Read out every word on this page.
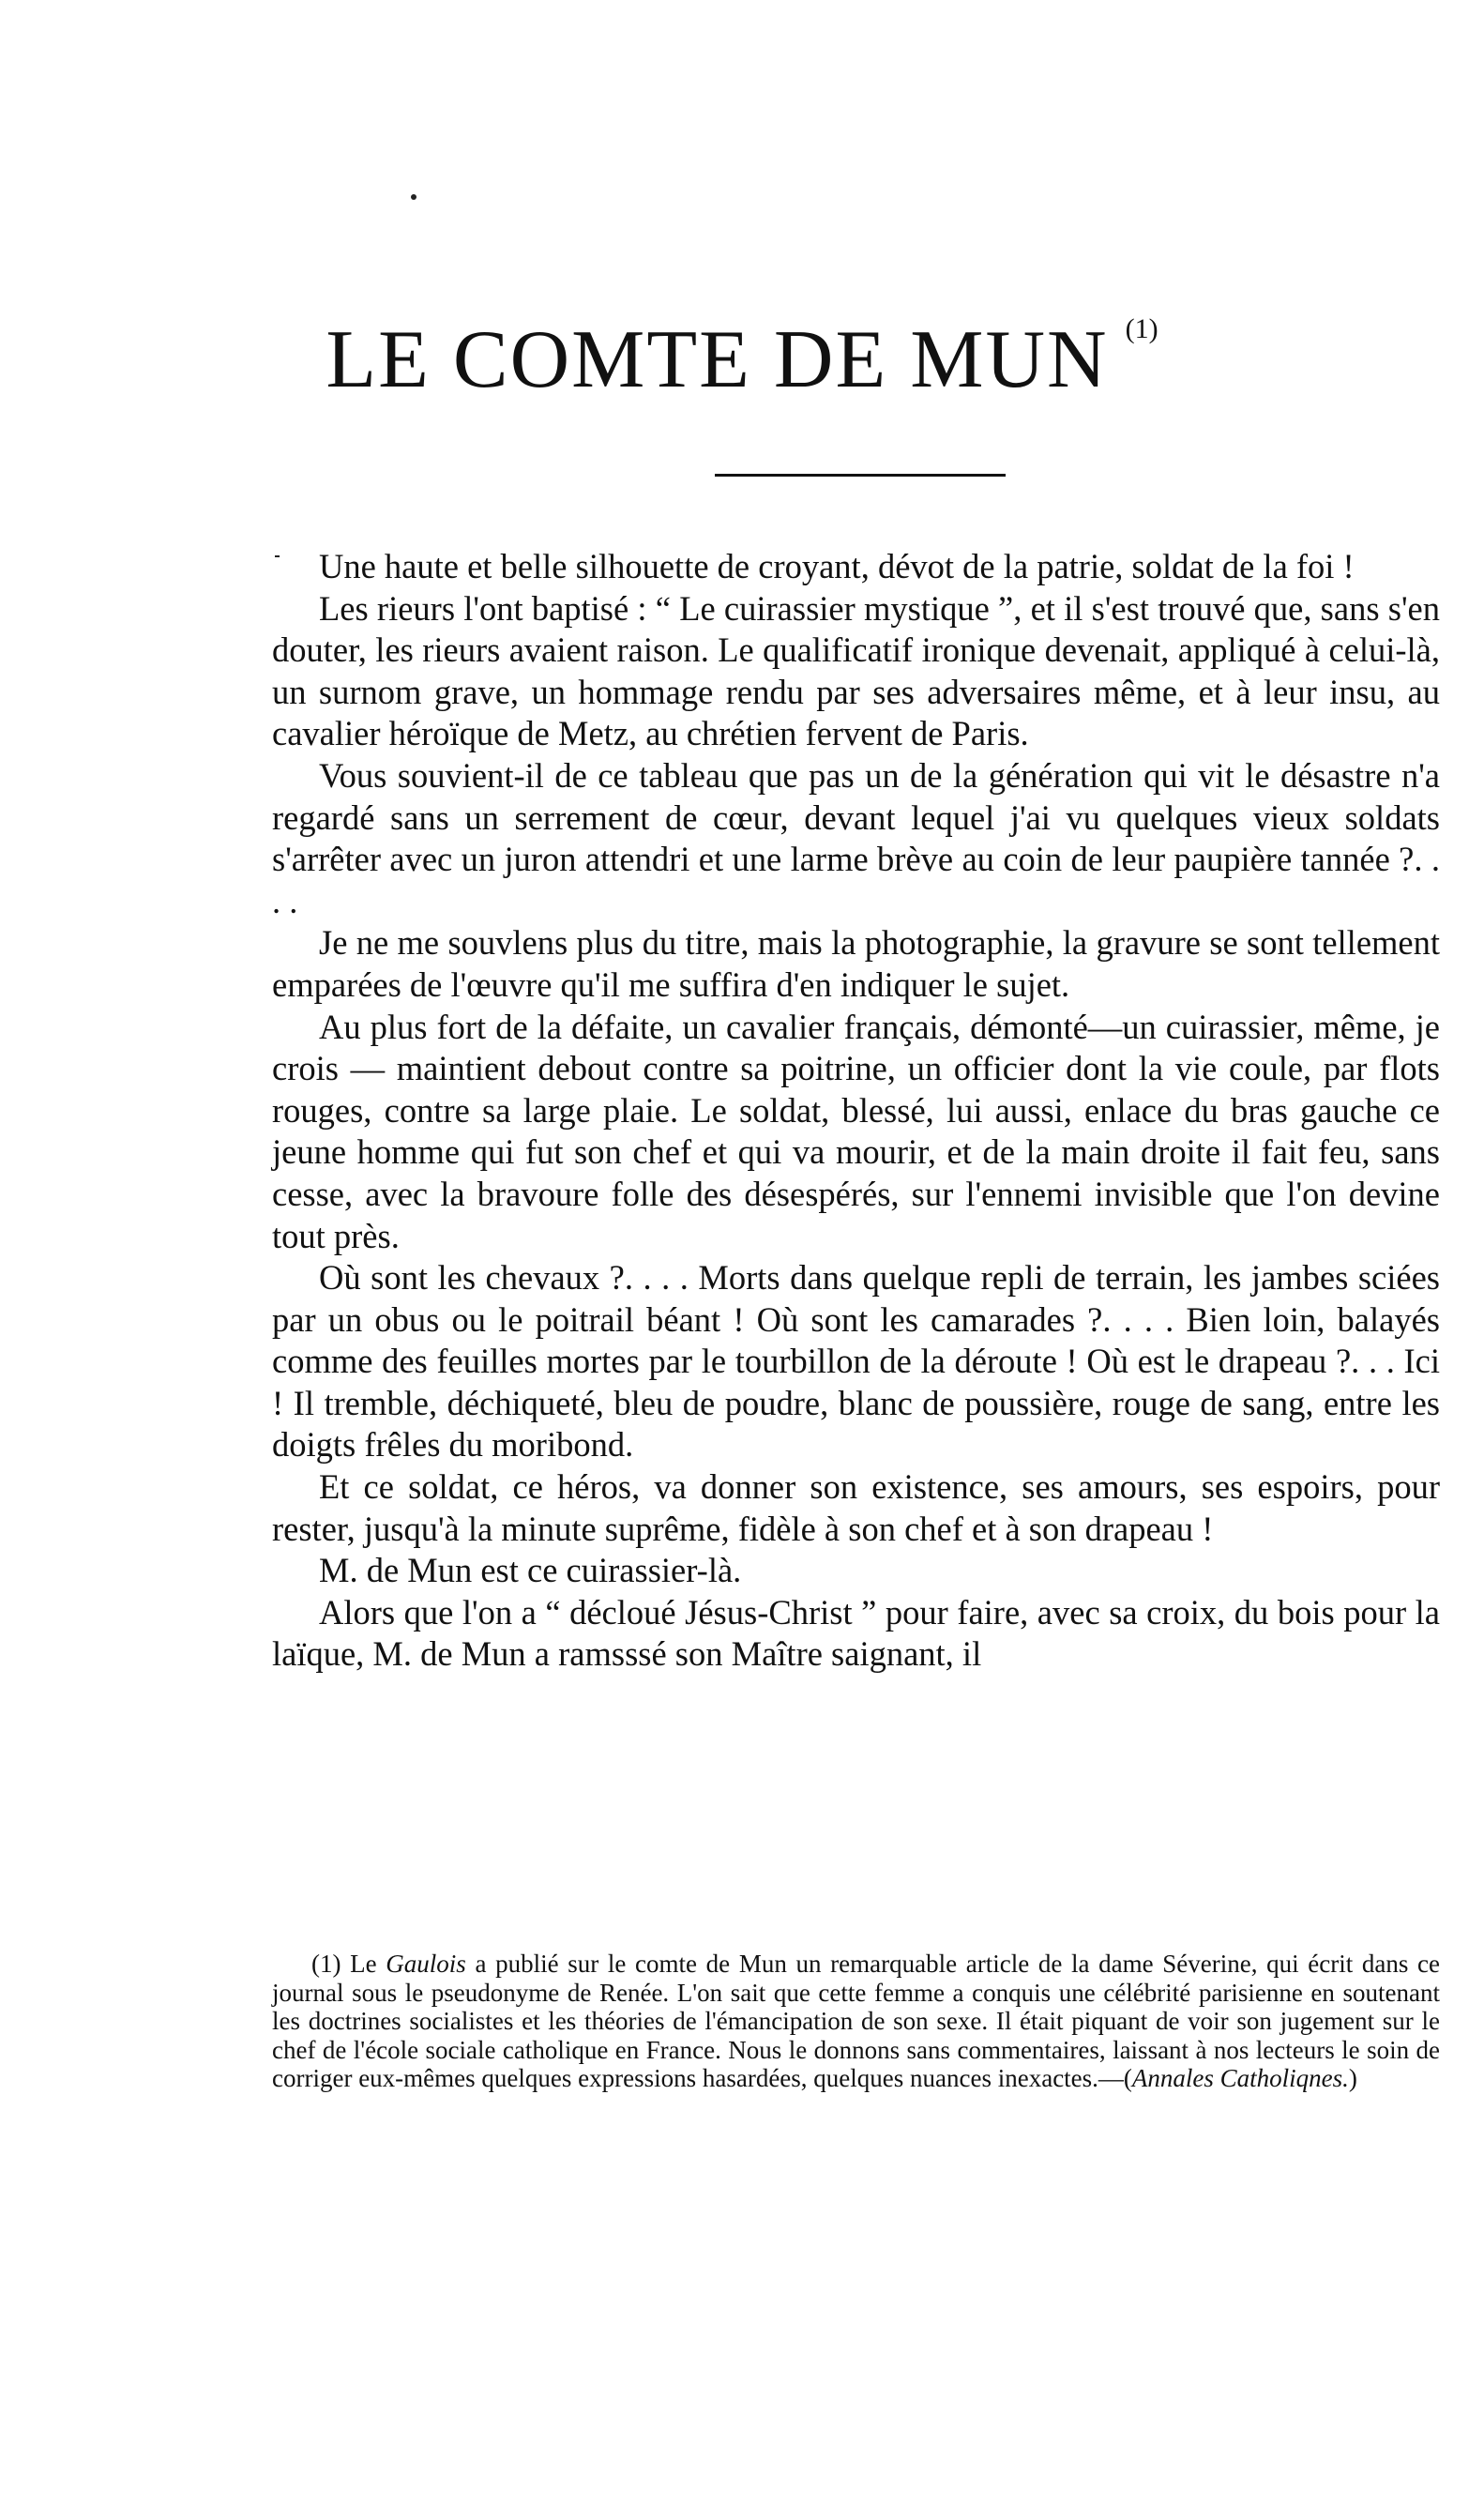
LE COMTE DE MUN $^{(1)}$

Une haute et belle silhouette de croyant, dévot de la patrie, soldat de la foi !

Les rieurs l'ont baptisé : “ Le cuirassier mystique ”, et il s'est trouvé que, sans s'en douter, les rieurs avaient raison. Le qualificatif ironique devenait, appliqué à celui-là, un surnom grave, un hommage rendu par ses adversaires même, et à leur insu, au cavalier héroïque de Metz, au chrétien fervent de Paris.

Vous souvient-il de ce tableau que pas un de la génération qui vit le désastre n'a regardé sans un serrement de cœur, devant lequel j'ai vu quelques vieux soldats s'arrêter avec un juron attendri et une larme brève au coin de leur paupière tannée ?. . . .

Je ne me souvlens plus du titre, mais la photographie, la gravure se sont tellement emparées de l'œuvre qu'il me suffira d'en indiquer le sujet.

Au plus fort de la défaite, un cavalier français, démonté—un cuirassier, même, je crois — maintient debout contre sa poitrine, un officier dont la vie coule, par flots rouges, contre sa large plaie. Le soldat, blessé, lui aussi, enlace du bras gauche ce jeune homme qui fut son chef et qui va mourir, et de la main droite il fait feu, sans cesse, avec la bravoure folle des désespérés, sur l'ennemi invisible que l'on devine tout près.

Où sont les chevaux ?. . . . Morts dans quelque repli de terrain, les jambes sciées par un obus ou le poitrail béant ! Où sont les camarades ?. . . . Bien loin, balayés comme des feuilles mortes par le tourbillon de la déroute ! Où est le drapeau ?. . . Ici ! Il tremble, déchiqueté, bleu de poudre, blanc de poussière, rouge de sang, entre les doigts frêles du moribond.

Et ce soldat, ce héros, va donner son existence, ses amours, ses espoirs, pour rester, jusqu'à la minute suprême, fidèle à son chef et à son drapeau !

M. de Mun est ce cuirassier-là.

Alors que l'on a “ décloué Jésus-Christ ” pour faire, avec sa croix, du bois pour la laïque, M. de Mun a ramsssé son Maître saignant, il

(1) Le Gaulois a publié sur le comte de Mun un remarquable article de la dame Séverine, qui écrit dans ce journal sous le pseudonyme de Renée. L'on sait que cette femme a conquis une célébrité parisienne en soutenant les doctrines socialistes et les théories de l'émancipation de son sexe. Il était piquant de voir son jugement sur le chef de l'école sociale catholique en France. Nous le donnons sans commentaires, laissant à nos lecteurs le soin de corriger eux-mêmes quelques expressions hasardées, quelques nuances inexactes.—(Annales Catholiqnes.)
